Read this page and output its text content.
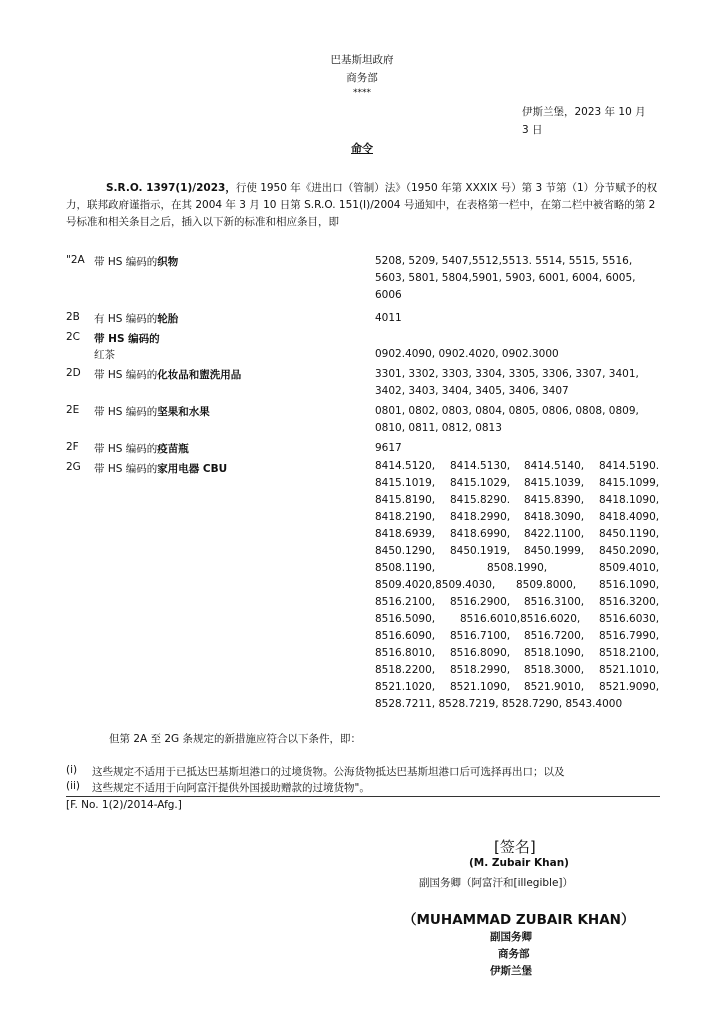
巴基斯坦政府
商务部
****
伊斯兰堡，2023 年 10 月
3 日
命令
S.R.O. 1397(1)/2023，行使 1950 年《进出口（管制）法》（1950 年第 XXXIX 号）第 3 节第（1）分节赋予的权力，联邦政府谨指示，在其 2004 年 3 月 10 日第 S.R.O. 151(I)/2004 号通知中，在表格第一栏中，在第二栏中被省略的第 2 号标准和相关条目之后，插入以下新的标准和相应条目，即
"2A 带 HS 编码的织物	5208, 5209, 5407,5512,5513. 5514, 5515, 5516, 5603, 5801, 5804,5901, 5903, 6001, 6004, 6005, 6006
2B 有 HS 编码的轮胎	4011
2C 带 HS 编码的
红茶	0902.4090, 0902.4020, 0902.3000
2D 带 HS 编码的化妆品和盥洗用品	3301, 3302, 3303, 3304, 3305, 3306, 3307, 3401, 3402, 3403, 3404, 3405, 3406, 3407
2E 带 HS 编码的坚果和水果	0801, 0802, 0803, 0804, 0805, 0806, 0808, 0809, 0810, 0811, 0812, 0813
2F 带 HS 编码的疫苗瓶	9617
2G 带 HS 编码的家用电器 CBU	8414.5120, 8414.5130, 8414.5140, 8414.5190.
8415.1019, 8415.1029, 8415.1039, 8415.1099,
8415.8190, 8415.8290. 8415.8390, 8418.1090,
8418.2190, 8418.2990, 8418.3090, 8418.4090,
8418.6939, 8418.6990, 8422.1100, 8450.1190,
8450.1290, 8450.1919, 8450.1999, 8450.2090,
8508.1190,	8508.1990,	8509.4010,
8509.4020,8509.4030, 8509.8000, 8516.1090,
8516.2100, 8516.2900, 8516.3100, 8516.3200,
8516.5090, 8516.6010,8516.6020, 8516.6030,
8516.6090, 8516.7100, 8516.7200, 8516.7990,
8516.8010, 8516.8090, 8518.1090, 8518.2100,
8518.2200, 8518.2990, 8518.3000, 8521.1010,
8521.1020, 8521.1090, 8521.9010, 8521.9090,
8528.7211, 8528.7219, 8528.7290, 8543.4000
但第 2A 至 2G 条规定的新措施应符合以下条件，即：
(i) 这些规定不适用于已抵达巴基斯坦港口的过境货物。公海货物抵达巴基斯坦港口后可选择再出口；以及
(ii) 这些规定不适用于向阿富汗提供外国援助赠款的过境货物"。
[F. No. 1(2)/2014-Afg.]
[签名]
(M. Zubair Khan)
副国务卿（阿富汗和[illegible]）
（MUHAMMAD ZUBAIR KHAN）
副国务卿
商务部
伊斯兰堡
